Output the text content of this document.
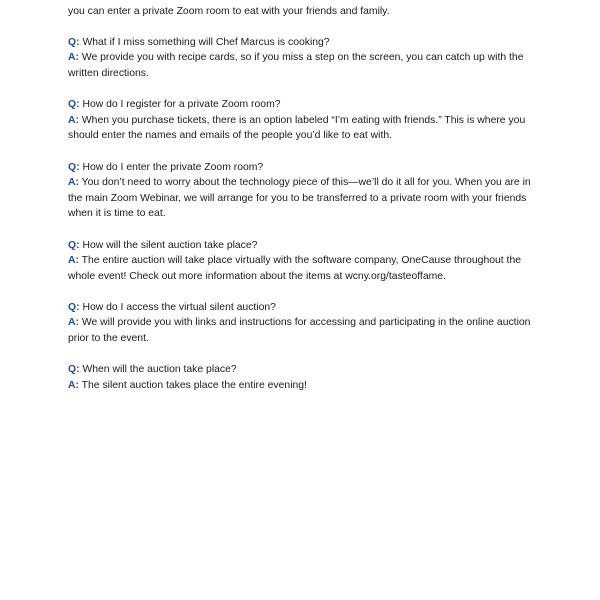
you can enter a private Zoom room to eat with your friends and family.
Q: What if I miss something will Chef Marcus is cooking?
A: We provide you with recipe cards, so if you miss a step on the screen, you can catch up with the
written directions.
Q: How do I register for a private Zoom room?
A: When you purchase tickets, there is an option labeled “I’m eating with friends.” This is where you
should enter the names and emails of the people you’d like to eat with.
Q: How do I enter the private Zoom room?
A: You don’t need to worry about the technology piece of this—we’ll do it all for you. When you are in
the main Zoom Webinar, we will arrange for you to be transferred to a private room with your friends
when it is time to eat.
Q: How will the silent auction take place?
A: The entire auction will take place virtually with the software company, OneCause throughout the
whole event! Check out more information about the items at wcny.org/tasteoffame.
Q: How do I access the virtual silent auction?
A: We will provide you with links and instructions for accessing and participating in the online auction
prior to the event.
Q: When will the auction take place?
A: The silent auction takes place the entire evening!
